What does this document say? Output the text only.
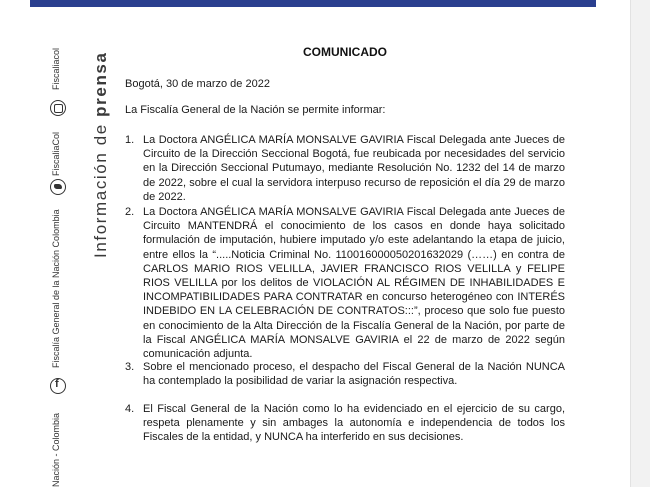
Información de prensa
Fiscaliacol
FiscaliaCol
Fiscalía General de la Nación Colombia
f
Nación - Colombia
COMUNICADO
Bogotá, 30 de marzo de 2022
La Fiscalía General de la Nación se permite informar:
1. La Doctora ANGÉLICA MARÍA MONSALVE GAVIRIA Fiscal Delegada ante Jueces de Circuito de la Dirección Seccional Bogotá, fue reubicada por necesidades del servicio en la Dirección Seccional Putumayo, mediante Resolución No. 1232 del 14 de marzo de 2022, sobre el cual la servidora interpuso recurso de reposición el día 29 de marzo de 2022.
2. La Doctora ANGÉLICA MARÍA MONSALVE GAVIRIA Fiscal Delegada ante Jueces de Circuito MANTENDRÁ el conocimiento de los casos en donde haya solicitado formulación de imputación, hubiere imputado y/o este adelantando la etapa de juicio, entre ellos la “.....Noticia Criminal No. 110016000050201632029 (……) en contra de CARLOS MARIO RIOS VELILLA, JAVIER FRANCISCO RIOS VELILLA y FELIPE RIOS VELILLA por los delitos de VIOLACIÓN AL RÉGIMEN DE INHABILIDADES E INCOMPATIBILIDADES PARA CONTRATAR en concurso heterogéneo con INTERÉS INDEBIDO EN LA CELEBRACIÓN DE CONTRATOS:::”, proceso que solo fue puesto en conocimiento de la Alta Dirección de la Fiscalía General de la Nación, por parte de la Fiscal ANGÉLICA MARÍA MONSALVE GAVIRIA el 22 de marzo de 2022 según comunicación adjunta.
3. Sobre el mencionado proceso, el despacho del Fiscal General de la Nación NUNCA ha contemplado la posibilidad de variar la asignación respectiva.
4. El Fiscal General de la Nación como lo ha evidenciado en el ejercicio de su cargo, respeta plenamente y sin ambages la autonomía e independencia de todos los Fiscales de la entidad, y NUNCA ha interferido en sus decisiones.
